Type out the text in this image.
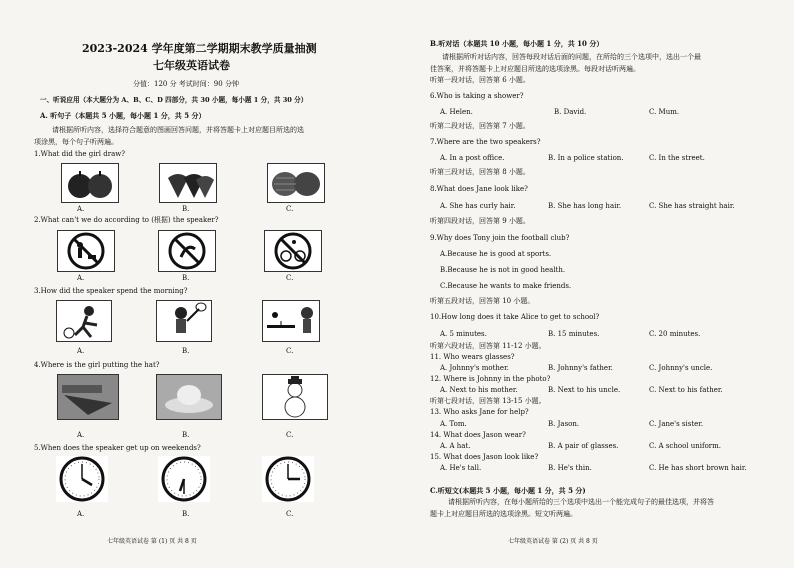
2023-2024 学年度第二学期期末教学质量抽测
七年级英语试卷
分值：120 分 考试时间：90 分钟
一、听说应用（本大题分为 A、B、C、D 四部分，共 30 小题，每小题 1 分，共 30 分）
A. 听句子（本题共 5 小题，每小题 1 分，共 5 分）
请根据所听内容，选择符合题意的图画回答问题，并将答题卡上对应题目所选的选
项涂黑，每个句子听两遍。
1.What did the girl draw?
A.	B.	C.
2.What can't we do according to (根据) the speaker?
A.	B.	C.
3.How did the speaker spend the morning?
A.	B.	C.
4.Where is the girl putting the hat?
A.	B.	C.
5.When does the speaker get up on weekends?
A.	B.	C.
七年级英语试卷 第 (1) 页 共 8 页
B.听对话（本题共 10 小题，每小题 1 分，共 10 分）
请根据所听对话内容，回答每段对话后面的问题，在所给的三个选项中，选出一个最
佳答案，并将答题卡上对应题目所选的选项涂黑。每段对话听两遍。
听第一段对话，回答第 6 小题。
6.Who is taking a shower?
A. Helen.	B. David.	C. Mum.
听第二段对话，回答第 7 小题。
7.Where are the two speakers?
A. In a post office.	B. In a police station.	C. In the street.
听第三段对话，回答第 8 小题。
8.What does Jane look like?
A. She has curly hair.	B. She has long hair.	C. She has straight hair.
听第四段对话，回答第 9 小题。
9.Why does Tony join the football club?
A.Because he is good at sports.
B.Because he is not in good health.
C.Because he wants to make friends.
听第五段对话，回答第 10 小题。
10.How long does it take Alice to get to school?
A. 5 minutes.	B. 15 minutes.	C. 20 minutes.
听第六段对话，回答第 11-12 小题。
11. Who wears glasses?
A. Johnny's mother.	B. Johnny's father.	C. Johnny's uncle.
12. Where is Johnny in the photo?
A. Next to his mother.	B. Next to his uncle.	C. Next to his father.
听第七段对话，回答第 13-15 小题。
13. Who asks Jane for help?
A. Tom.	B. Jason.	C. Jane's sister.
14. What does Jason wear?
A. A hat.	B. A pair of glasses.	C. A school uniform.
15. What does Jason look like?
A. He's tall.	B. He's thin.	C. He has short brown hair.
C.听短文(本题共 5 小题，每小题 1 分，共 5 分)
请根据所听内容，在每小题所给的三个选项中选出一个能完成句子的最佳选项，并将答
题卡上对应题目所选的选项涂黑。短文听两遍。
七年级英语试卷 第 (2) 页 共 8 页
